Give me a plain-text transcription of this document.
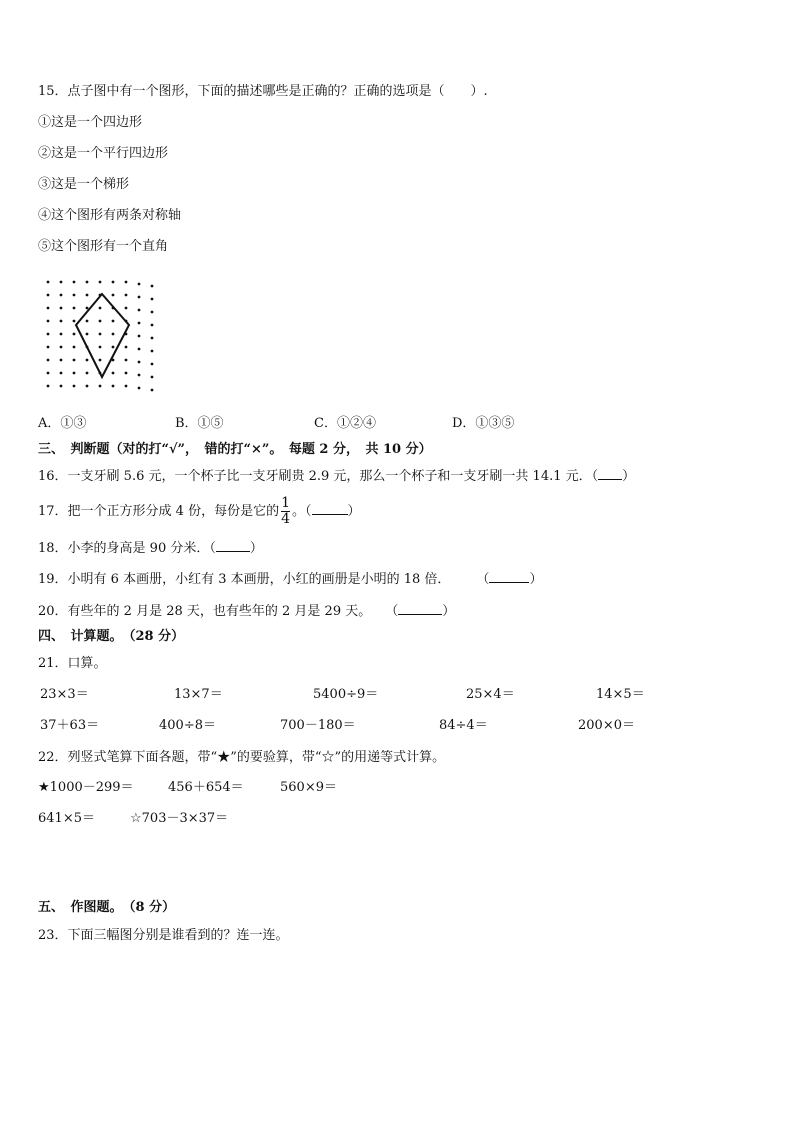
15．点子图中有一个图形，下面的描述哪些是正确的？正确的选项是（　　）.
①这是一个四边形
②这是一个平行四边形
③这是一个梯形
④这个图形有两条对称轴
⑤这个图形有一个直角
A．①③	B．①⑤	C．①②④	D．①③⑤
三、　判断题（对的打“√”，　错的打“×”。　每题 2 分，　共 10 分）
16．一支牙刷 5.6 元，一个杯子比一支牙刷贵 2.9 元，那么一个杯子和一支牙刷一共 14.1 元．（ ）
17．把一个正方形分成 4 份，每份是它的 $\frac{1}{4}$ 。（	）
18．小李的身高是 90 分米．（	）
19．小明有 6 本画册，小红有 3 本画册，小红的画册是小明的 18 倍． （	）
20．有些年的 2 月是 28 天，也有些年的 2 月是 29 天。 （	）
四、　计算题。　（28 分）
21．口算。
23×3＝	13×7＝	5400÷9＝	25×4＝	14×5＝
37＋63＝	400÷8＝	700－180＝	84÷4＝	200×0＝
22．列竖式笔算下面各题，带“★”的要验算，带“☆”的用递等式计算。
★1000－299＝	456＋654＝	560×9＝
641×5＝	☆703－3×37＝
五、　作图题。　（8 分）
23．下面三幅图分别是谁看到的？连一连。
